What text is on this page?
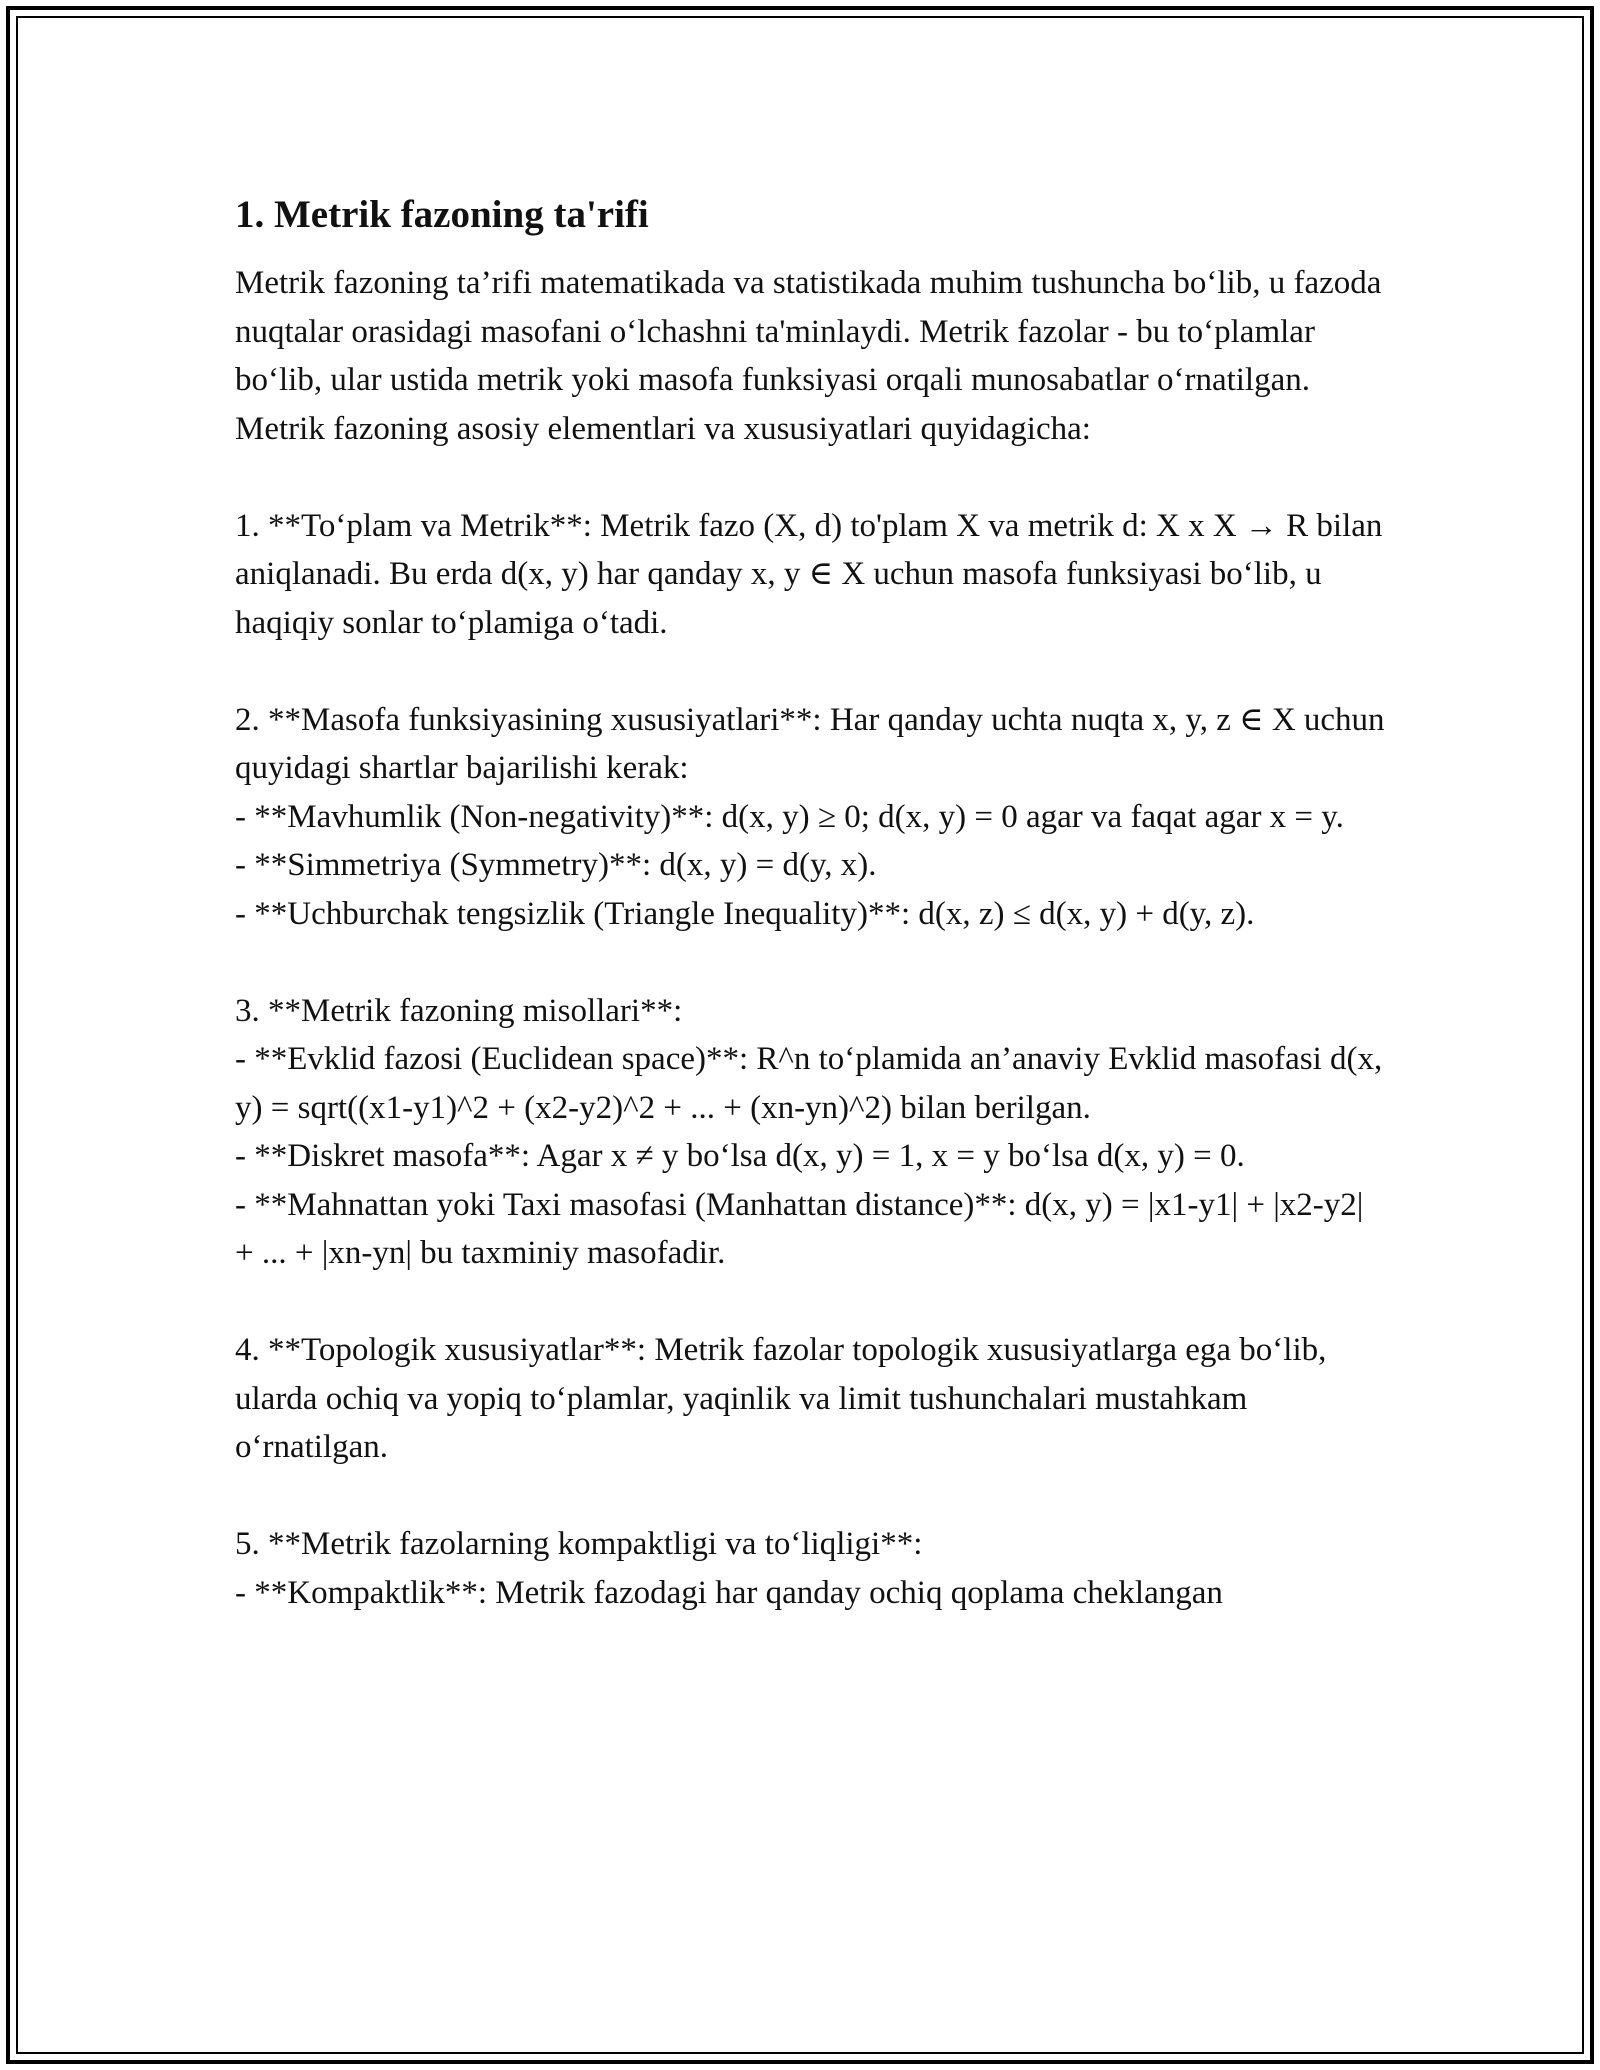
1. Metrik fazoning ta'rifi

Metrik fazoning ta’rifi matematikada va statistikada muhim tushuncha bo‘lib, u fazoda nuqtalar orasidagi masofani o‘lchashni ta'minlaydi. Metrik fazolar - bu to‘plamlar bo‘lib, ular ustida metrik yoki masofa funksiyasi orqali munosabatlar o‘rnatilgan. Metrik fazoning asosiy elementlari va xususiyatlari quyidagicha:

1. **To‘plam va Metrik**: Metrik fazo (X, d) to'plam X va metrik d: X x X → R bilan aniqlanadi. Bu erda d(x, y) har qanday x, y ∈ X uchun masofa funksiyasi bo‘lib, u haqiqiy sonlar to‘plamiga o‘tadi.

2. **Masofa funksiyasining xususiyatlari**: Har qanday uchta nuqta x, y, z ∈ X uchun quyidagi shartlar bajarilishi kerak:
- **Mavhumlik (Non-negativity)**: d(x, y) ≥ 0; d(x, y) = 0 agar va faqat agar x = y.
- **Simmetriya (Symmetry)**: d(x, y) = d(y, x).
- **Uchburchak tengsizlik (Triangle Inequality)**: d(x, z) ≤ d(x, y) + d(y, z).

3. **Metrik fazoning misollari**:
- **Evklid fazosi (Euclidean space)**: R^n to‘plamida an’anaviy Evklid masofasi d(x, y) = sqrt((x1-y1)^2 + (x2-y2)^2 + ... + (xn-yn)^2) bilan berilgan.
- **Diskret masofa**: Agar x ≠ y bo‘lsa d(x, y) = 1, x = y bo‘lsa d(x, y) = 0.
- **Mahnattan yoki Taxi masofasi (Manhattan distance)**: d(x, y) = |x1-y1| + |x2-y2| + ... + |xn-yn| bu taxminiy masofadir.

4. **Topologik xususiyatlar**: Metrik fazolar topologik xususiyatlarga ega bo‘lib, ularda ochiq va yopiq to‘plamlar, yaqinlik va limit tushunchalari mustahkam o‘rnatilgan.

5. **Metrik fazolarning kompaktligi va to‘liqligi**:
- **Kompaktlik**: Metrik fazodagi har qanday ochiq qoplama cheklangan
